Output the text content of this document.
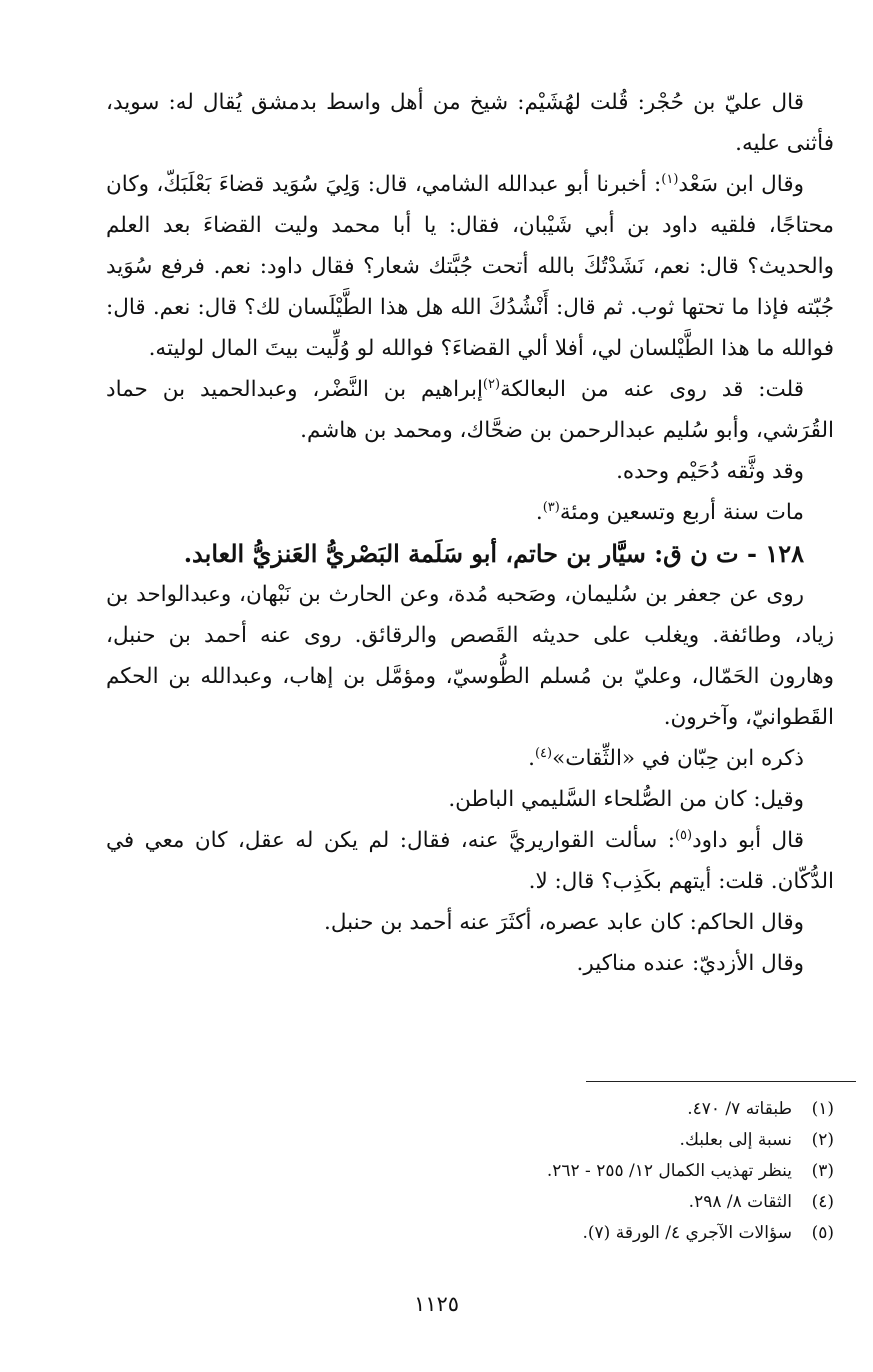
قال عليّ بن حُجْر: قُلت لهُشَيْم: شيخ من أهل واسط بدمشق يُقال له: سويد، فأثنى عليه.

وقال ابن سَعْد$^{(١)}$: أخبرنا أبو عبدالله الشامي، قال: وَلِيَ سُوَيد قضاءَ بَعْلَبَكّ، وكان محتاجًا، فلقيه داود بن أبي شَيْبان، فقال: يا أبا محمد وليت القضاءَ بعد العلم والحديث؟ قال: نعم، نَشَدْتُكَ بالله أتحت جُبَّتك شعار؟ فقال داود: نعم. فرفع سُوَيد جُبّته فإذا ما تحتها ثوب. ثم قال: أَنْشُدُكَ الله هل هذا الطَّيْلَسان لك؟ قال: نعم. قال: فوالله ما هذا الطَّيْلسان لي، أفلا ألي القضاءَ؟ فوالله لو وُلِّيت بيتَ المال لوليته.

قلت: قد روى عنه من البعالكة$^{(٢)}$إبراهيم بن النَّضْر، وعبدالحميد بن حماد القُرَشي، وأبو سُليم عبدالرحمن بن ضحَّاك، ومحمد بن هاشم.

وقد وثَّقه دُحَيْم وحده.

مات سنة أربع وتسعين ومئة$^{(٣)}$.

١٢٨ - ت ن ق: سيَّار بن حاتم، أبو سَلَمة البَصْريُّ العَنزيُّ العابد.

روى عن جعفر بن سُليمان، وصَحبه مُدة، وعن الحارث بن نَبْهان، وعبدالواحد بن زياد، وطائفة. ويغلب على حديثه القَصص والرقائق. روى عنه أحمد بن حنبل، وهارون الحَمّال، وعليّ بن مُسلم الطُّوسيّ، ومؤمَّل بن إهاب، وعبدالله بن الحكم القَطوانيّ، وآخرون.

ذكره ابن حِبّان في «الثِّقات»$^{(٤)}$.

وقيل: كان من الصُّلحاء السَّليمي الباطن.

قال أبو داود$^{(٥)}$: سألت القواريريَّ عنه، فقال: لم يكن له عقل، كان معي في الدُّكّان. قلت: أيتهم بكَذِب؟ قال: لا.

وقال الحاكم: كان عابد عصره، أكثَرَ عنه أحمد بن حنبل.

وقال الأزديّ: عنده مناكير.

(١)
طبقاته ٧/ ٤٧٠.
(٢)
نسبة إلى بعلبك.
(٣)
ينظر تهذيب الكمال ١٢/ ٢٥٥ - ٢٦٢.
(٤)
الثقات ٨/ ٢٩٨.
(٥)
سؤالات الآجري ٤/ الورقة (٧).
١١٢٥
